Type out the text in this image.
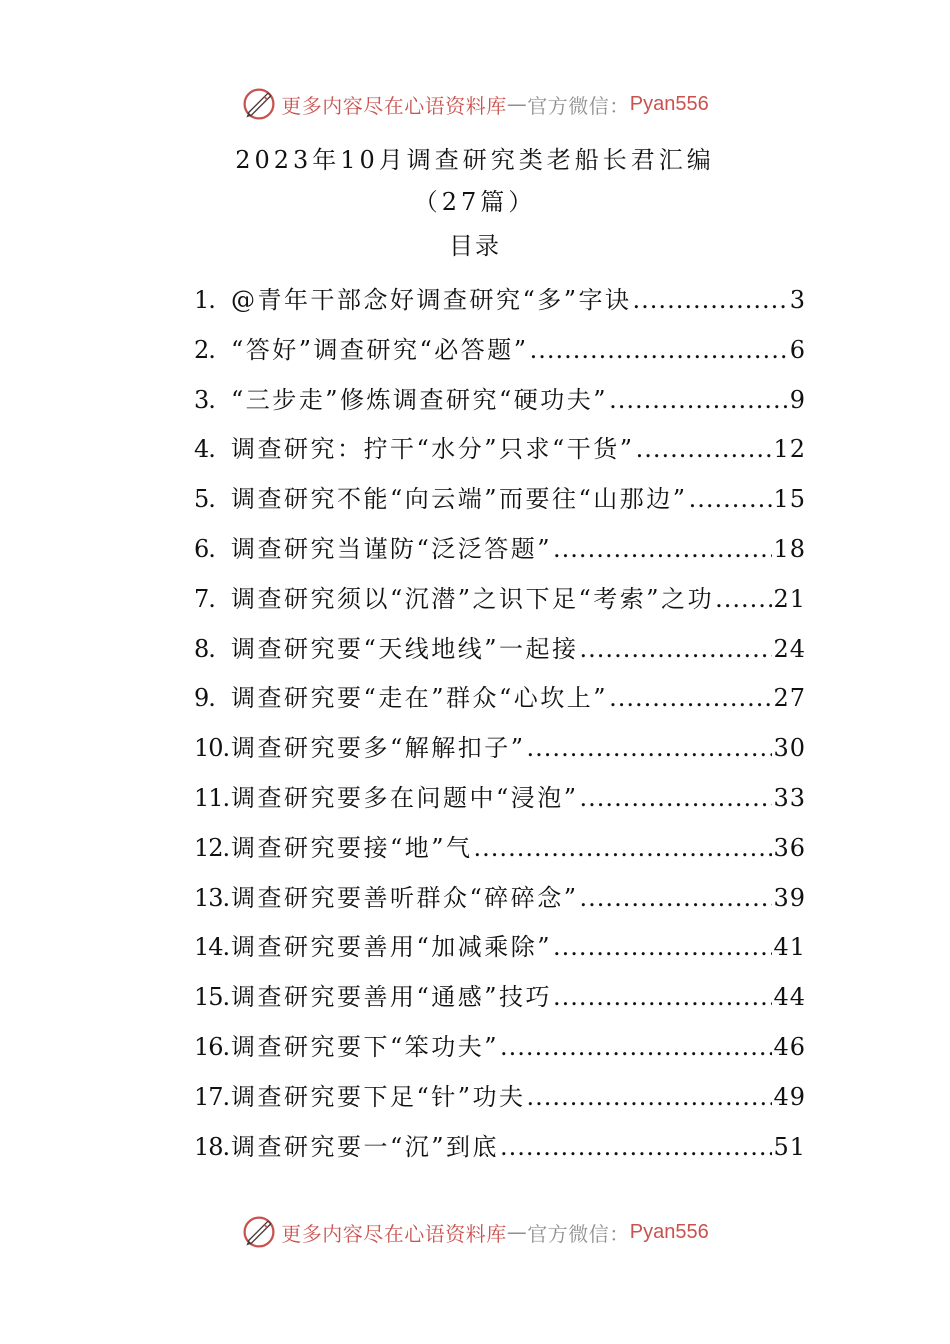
更多内容尽在心语资料库 — 官方微信： Pyan556
2023年10月调查研究类老船长君汇编
（27篇）
目录
1. @青年干部念好调查研究“多”字诀 .....	3
2. “答好”调查研究“必答题” .....	6
3. “三步走”修炼调查研究“硬功夫” .....	9
4. 调查研究：拧干“水分”只求“干货” .....	12
5. 调查研究不能“向云端”而要往“山那边” .....	15
6. 调查研究当谨防“泛泛答题” .....	18
7. 调查研究须以“沉潜”之识下足“考索”之功 ..... 21
8. 调查研究要“天线地线”一起接 .....	24
9. 调查研究要“走在”群众“心坎上” .....	27
10. 调查研究要多“解解扣子” .....	30
11. 调查研究要多在问题中“浸泡” .....	33
12. 调查研究要接“地”气 .....	36
13. 调查研究要善听群众“碎碎念” .....	39
14. 调查研究要善用“加减乘除” .....	41
15. 调查研究要善用“通感”技巧 .....	44
16. 调查研究要下“笨功夫” .....	46
17. 调查研究要下足“针”功夫 .....	49
18. 调查研究要一“沉”到底 .....	51
更多内容尽在心语资料库 — 官方微信： Pyan556
